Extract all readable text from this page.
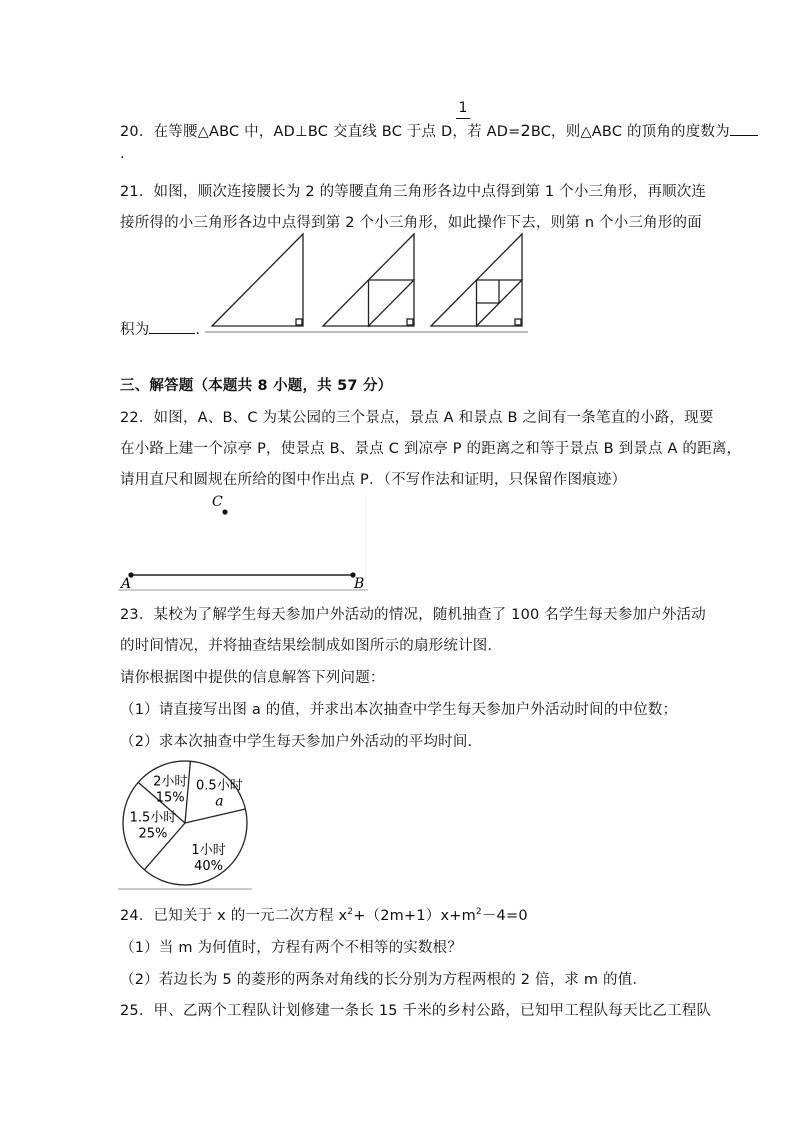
1
20．在等腰△ABC 中，AD⊥BC 交直线 BC 于点 D，若 AD=2BC，则△ABC 的顶角的度数为
.
21．如图，顺次连接腰长为 2 的等腰直角三角形各边中点得到第 1 个小三角形，再顺次连
接所得的小三角形各边中点得到第 2 个小三角形，如此操作下去，则第 n 个小三角形的面
积为	.
三、解答题（本题共 8 小题，共 57 分）
22．如图，A、B、C 为某公园的三个景点，景点 A 和景点 B 之间有一条笔直的小路，现要
在小路上建一个凉亭 P，使景点 B、景点 C 到凉亭 P 的距离之和等于景点 B 到景点 A 的距离，
请用直尺和圆规在所给的图中作出点 P．（不写作法和证明，只保留作图痕迹）
C
A	B
23．某校为了解学生每天参加户外活动的情况，随机抽查了 100 名学生每天参加户外活动
的时间情况，并将抽查结果绘制成如图所示的扇形统计图．
请你根据图中提供的信息解答下列问题：
（1）请直接写出图 a 的值，并求出本次抽查中学生每天参加户外活动时间的中位数；
（2）求本次抽查中学生每天参加户外活动的平均时间．
0.5小时
a
1小时
40%
1.5小时
25%
2小时
15%
24．已知关于 x 的一元二次方程 $x^2+(2m+1)x+m^2-4=0$
（1）当 m 为何值时，方程有两个不相等的实数根？
（2）若边长为 5 的菱形的两条对角线的长分别为方程两根的 2 倍，求 m 的值．
25．甲、乙两个工程队计划修建一条长 15 千米的乡村公路，已知甲工程队每天比乙工程队
